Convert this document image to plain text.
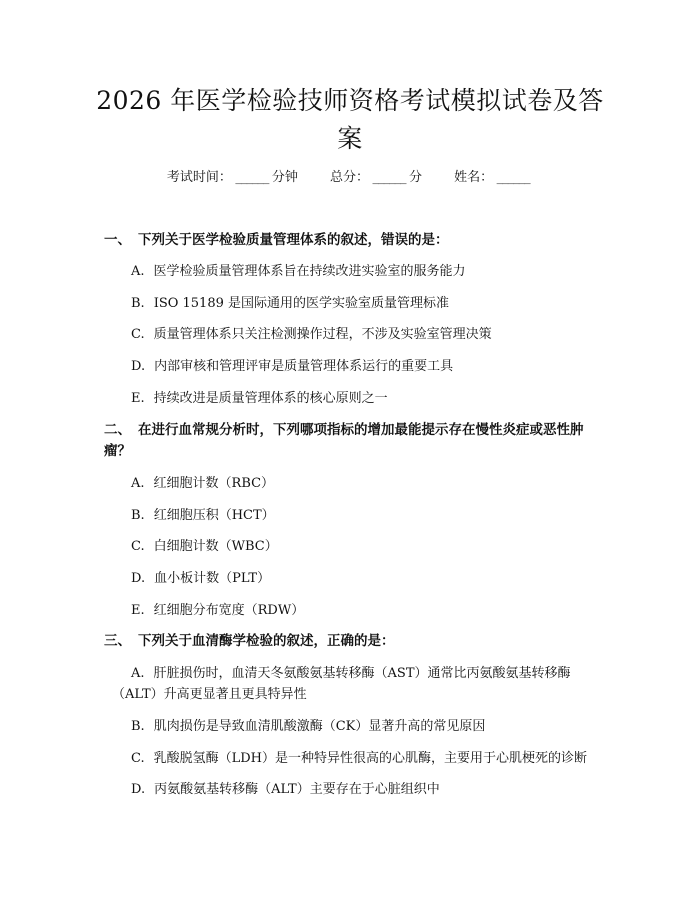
2026 年医学检验技师资格考试模拟试卷及答案
考试时间： ______ 分钟 总分： ______ 分 姓名： ______
一、 下列关于医学检验质量管理体系的叙述，错误的是：
A. 医学检验质量管理体系旨在持续改进实验室的服务能力
B. ISO 15189 是国际通用的医学实验室质量管理标准
C. 质量管理体系只关注检测操作过程，不涉及实验室管理决策
D. 内部审核和管理评审是质量管理体系运行的重要工具
E. 持续改进是质量管理体系的核心原则之一
二、 在进行血常规分析时，下列哪项指标的增加最能提示存在慢性炎症或恶性肿瘤？
A. 红细胞计数（RBC）
B. 红细胞压积（HCT）
C. 白细胞计数（WBC）
D. 血小板计数（PLT）
E. 红细胞分布宽度（RDW）
三、 下列关于血清酶学检验的叙述，正确的是：
A. 肝脏损伤时，血清天冬氨酸氨基转移酶（AST）通常比丙氨酸氨基转移酶（ALT）升高更显著且更具特异性
B. 肌肉损伤是导致血清肌酸激酶（CK）显著升高的常见原因
C. 乳酸脱氢酶（LDH）是一种特异性很高的心肌酶，主要用于心肌梗死的诊断
D. 丙氨酸氨基转移酶（ALT）主要存在于心脏组织中
